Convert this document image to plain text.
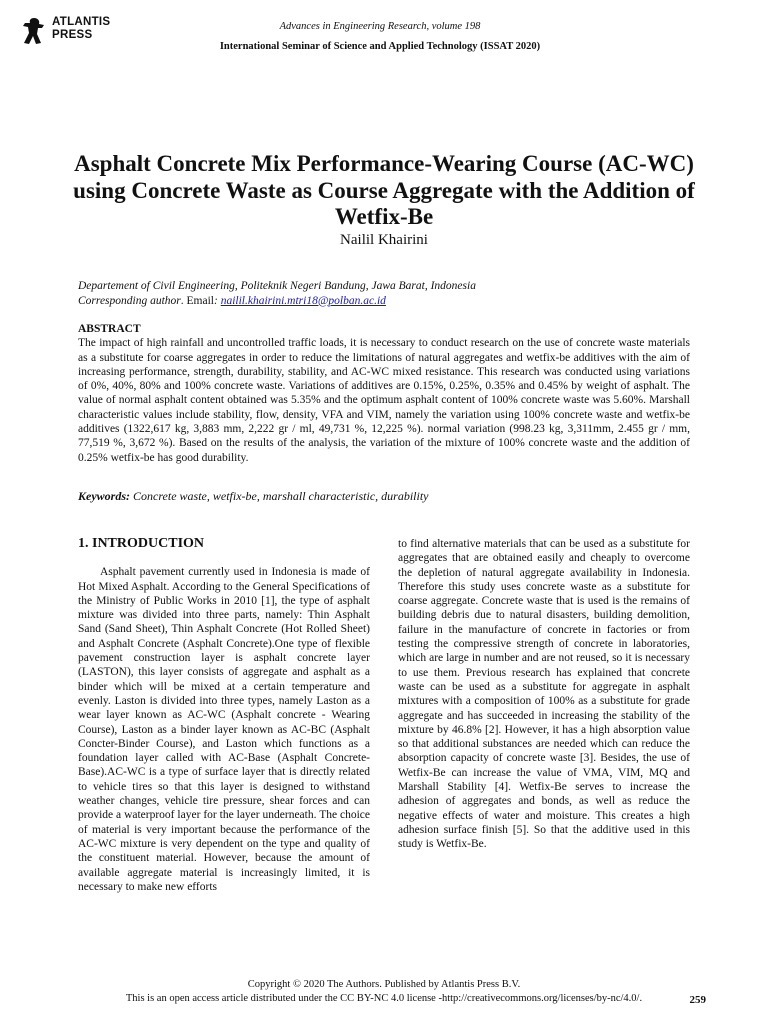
ATLANTIS
PRESS
Advances in Engineering Research, volume 198
International Seminar of Science and Applied Technology (ISSAT 2020)
Asphalt Concrete Mix Performance-Wearing Course (AC-WC) using Concrete Waste as Course Aggregate with the Addition of Wetfix-Be
Nailil Khairini
Departement of Civil Engineering, Politeknik Negeri Bandung, Jawa Barat, Indonesia
Corresponding author. Email: nailil.khairini.mtri18@polban.ac.id
ABSTRACT

The impact of high rainfall and uncontrolled traffic loads, it is necessary to conduct research on the use of concrete waste materials as a substitute for coarse aggregates in order to reduce the limitations of natural aggregates and wetfix-be additives with the aim of increasing performance, strength, durability, stability, and AC-WC mixed resistance. This research was conducted using variations of 0%, 40%, 80% and 100% concrete waste. Variations of additives are 0.15%, 0.25%, 0.35% and 0.45% by weight of asphalt. The value of normal asphalt content obtained was 5.35% and the optimum asphalt content of 100% concrete waste was 5.60%. Marshall characteristic values include stability, flow, density, VFA and VIM, namely the variation using 100% concrete waste and wetfix-be additives (1322,617 kg, 3,883 mm, 2,222 gr / ml, 49,731 %, 12,225 %). normal variation (998.23 kg, 3,311mm, 2.455 gr / mm, 77,519 %, 3,672 %). Based on the results of the analysis, the variation of the mixture of 100% concrete waste and the addition of 0.25% wetfix-be has good durability.

Keywords: Concrete waste, wetfix-be, marshall characteristic, durability
1. INTRODUCTION

Asphalt pavement currently used in Indonesia is made of Hot Mixed Asphalt. According to the General Specifications of the Ministry of Public Works in 2010 [1], the type of asphalt mixture was divided into three parts, namely: Thin Asphalt Sand (Sand Sheet), Thin Asphalt Concrete (Hot Rolled Sheet) and Asphalt Concrete (Asphalt Concrete).One type of flexible pavement construction layer is asphalt concrete layer (LASTON), this layer consists of aggregate and asphalt as a binder which will be mixed at a certain temperature and evenly. Laston is divided into three types, namely Laston as a wear layer known as AC-WC (Asphalt concrete - Wearing Course), Laston as a binder layer known as AC-BC (Asphalt Concter-Binder Course), and Laston which functions as a foundation layer called with AC-Base (Asphalt Concrete-Base).AC-WC is a type of surface layer that is directly related to vehicle tires so that this layer is designed to withstand weather changes, vehicle tire pressure, shear forces and can provide a waterproof layer for the layer underneath. The choice of material is very important because the performance of the AC-WC mixture is very dependent on the type and quality of the constituent material. However, because the amount of available aggregate material is increasingly limited, it is necessary to make new efforts

to find alternative materials that can be used as a substitute for aggregates that are obtained easily and cheaply to overcome the depletion of natural aggregate availability in Indonesia. Therefore this study uses concrete waste as a substitute for coarse aggregate. Concrete waste that is used is the remains of building debris due to natural disasters, building demolition, failure in the manufacture of concrete in factories or from testing the compressive strength of concrete in laboratories, which are large in number and are not reused, so it is necessary to use them. Previous research has explained that concrete waste can be used as a substitute for aggregate in asphalt mixtures with a composition of 100% as a substitute for grade aggregate and has succeeded in increasing the stability of the mixture by 46.8% [2]. However, it has a high absorption value so that additional substances are needed which can reduce the absorption capacity of concrete waste [3]. Besides, the use of Wetfix-Be can increase the value of VMA, VIM, MQ and Marshall Stability [4]. Wetfix-Be serves to increase the adhesion of aggregates and bonds, as well as reduce the negative effects of water and moisture. This creates a high adhesion surface finish [5]. So that the additive used in this study is Wetfix-Be.

Copyright © 2020 The Authors. Published by Atlantis Press B.V.
This is an open access article distributed under the CC BY-NC 4.0 license -http://creativecommons.org/licenses/by-nc/4.0/.	259
